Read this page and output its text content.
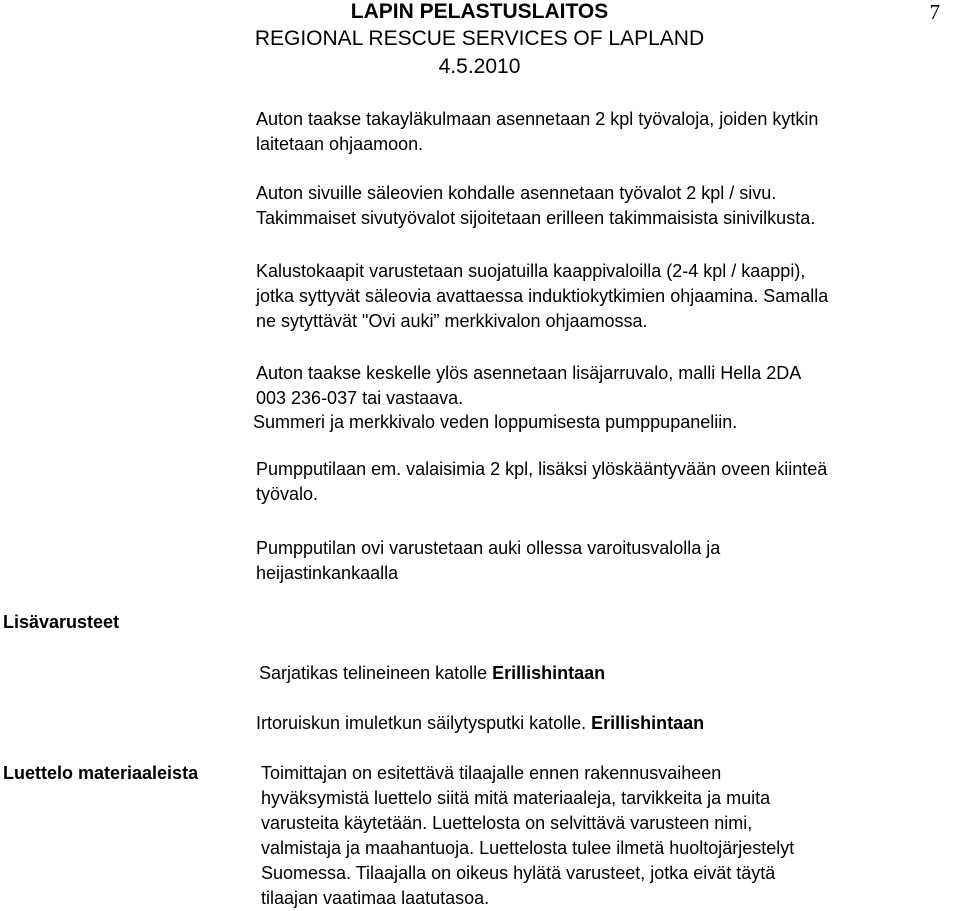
LAPIN PELASTUSLAITOS
REGIONAL RESCUE SERVICES OF LAPLAND
4.5.2010
7
Auton taakse takayläkulmaan asennetaan 2 kpl työvaloja, joiden kytkin
laitetaan ohjaamoon.
Auton sivuille säleovien kohdalle asennetaan työvalot 2 kpl / sivu.
Takimmaiset sivutyövalot sijoitetaan erilleen takimmaisista sinivilkusta.
Kalustokaapit varustetaan suojatuilla kaappivaloilla (2-4 kpl / kaappi),
jotka syttyvät säleovia avattaessa induktiokytkimien ohjaamina. Samalla
ne sytyttävät "Ovi auki” merkkivalon ohjaamossa.
Auton taakse keskelle ylös asennetaan lisäjarruvalo, malli Hella 2DA
003 236-037 tai vastaava.
Summeri ja merkkivalo veden loppumisesta pumppupaneliin.
Pumpputilaan em. valaisimia 2 kpl, lisäksi ylöskääntyvään oveen kiinteä
työvalo.
Pumpputilan ovi varustetaan auki ollessa varoitusvalolla ja
heijastinkankaalla
Lisävarusteet

Sarjatikas telineineen katolle Erillishintaan

Irtoruiskun imuletkun säilytysputki katolle. Erillishintaan

Luettelo materiaaleista	Toimittajan on esitettävä tilaajalle ennen rakennusvaiheen
hyväksymistä luettelo siitä mitä materiaaleja, tarvikkeita ja muita
varusteita käytetään. Luettelosta on selvittävä varusteen nimi,
valmistaja ja maahantuoja. Luettelosta tulee ilmetä huoltojärjestelyt
Suomessa. Tilaajalla on oikeus hylätä varusteet, jotka eivät täytä
tilaajan vaatimaa laatutasoa.
